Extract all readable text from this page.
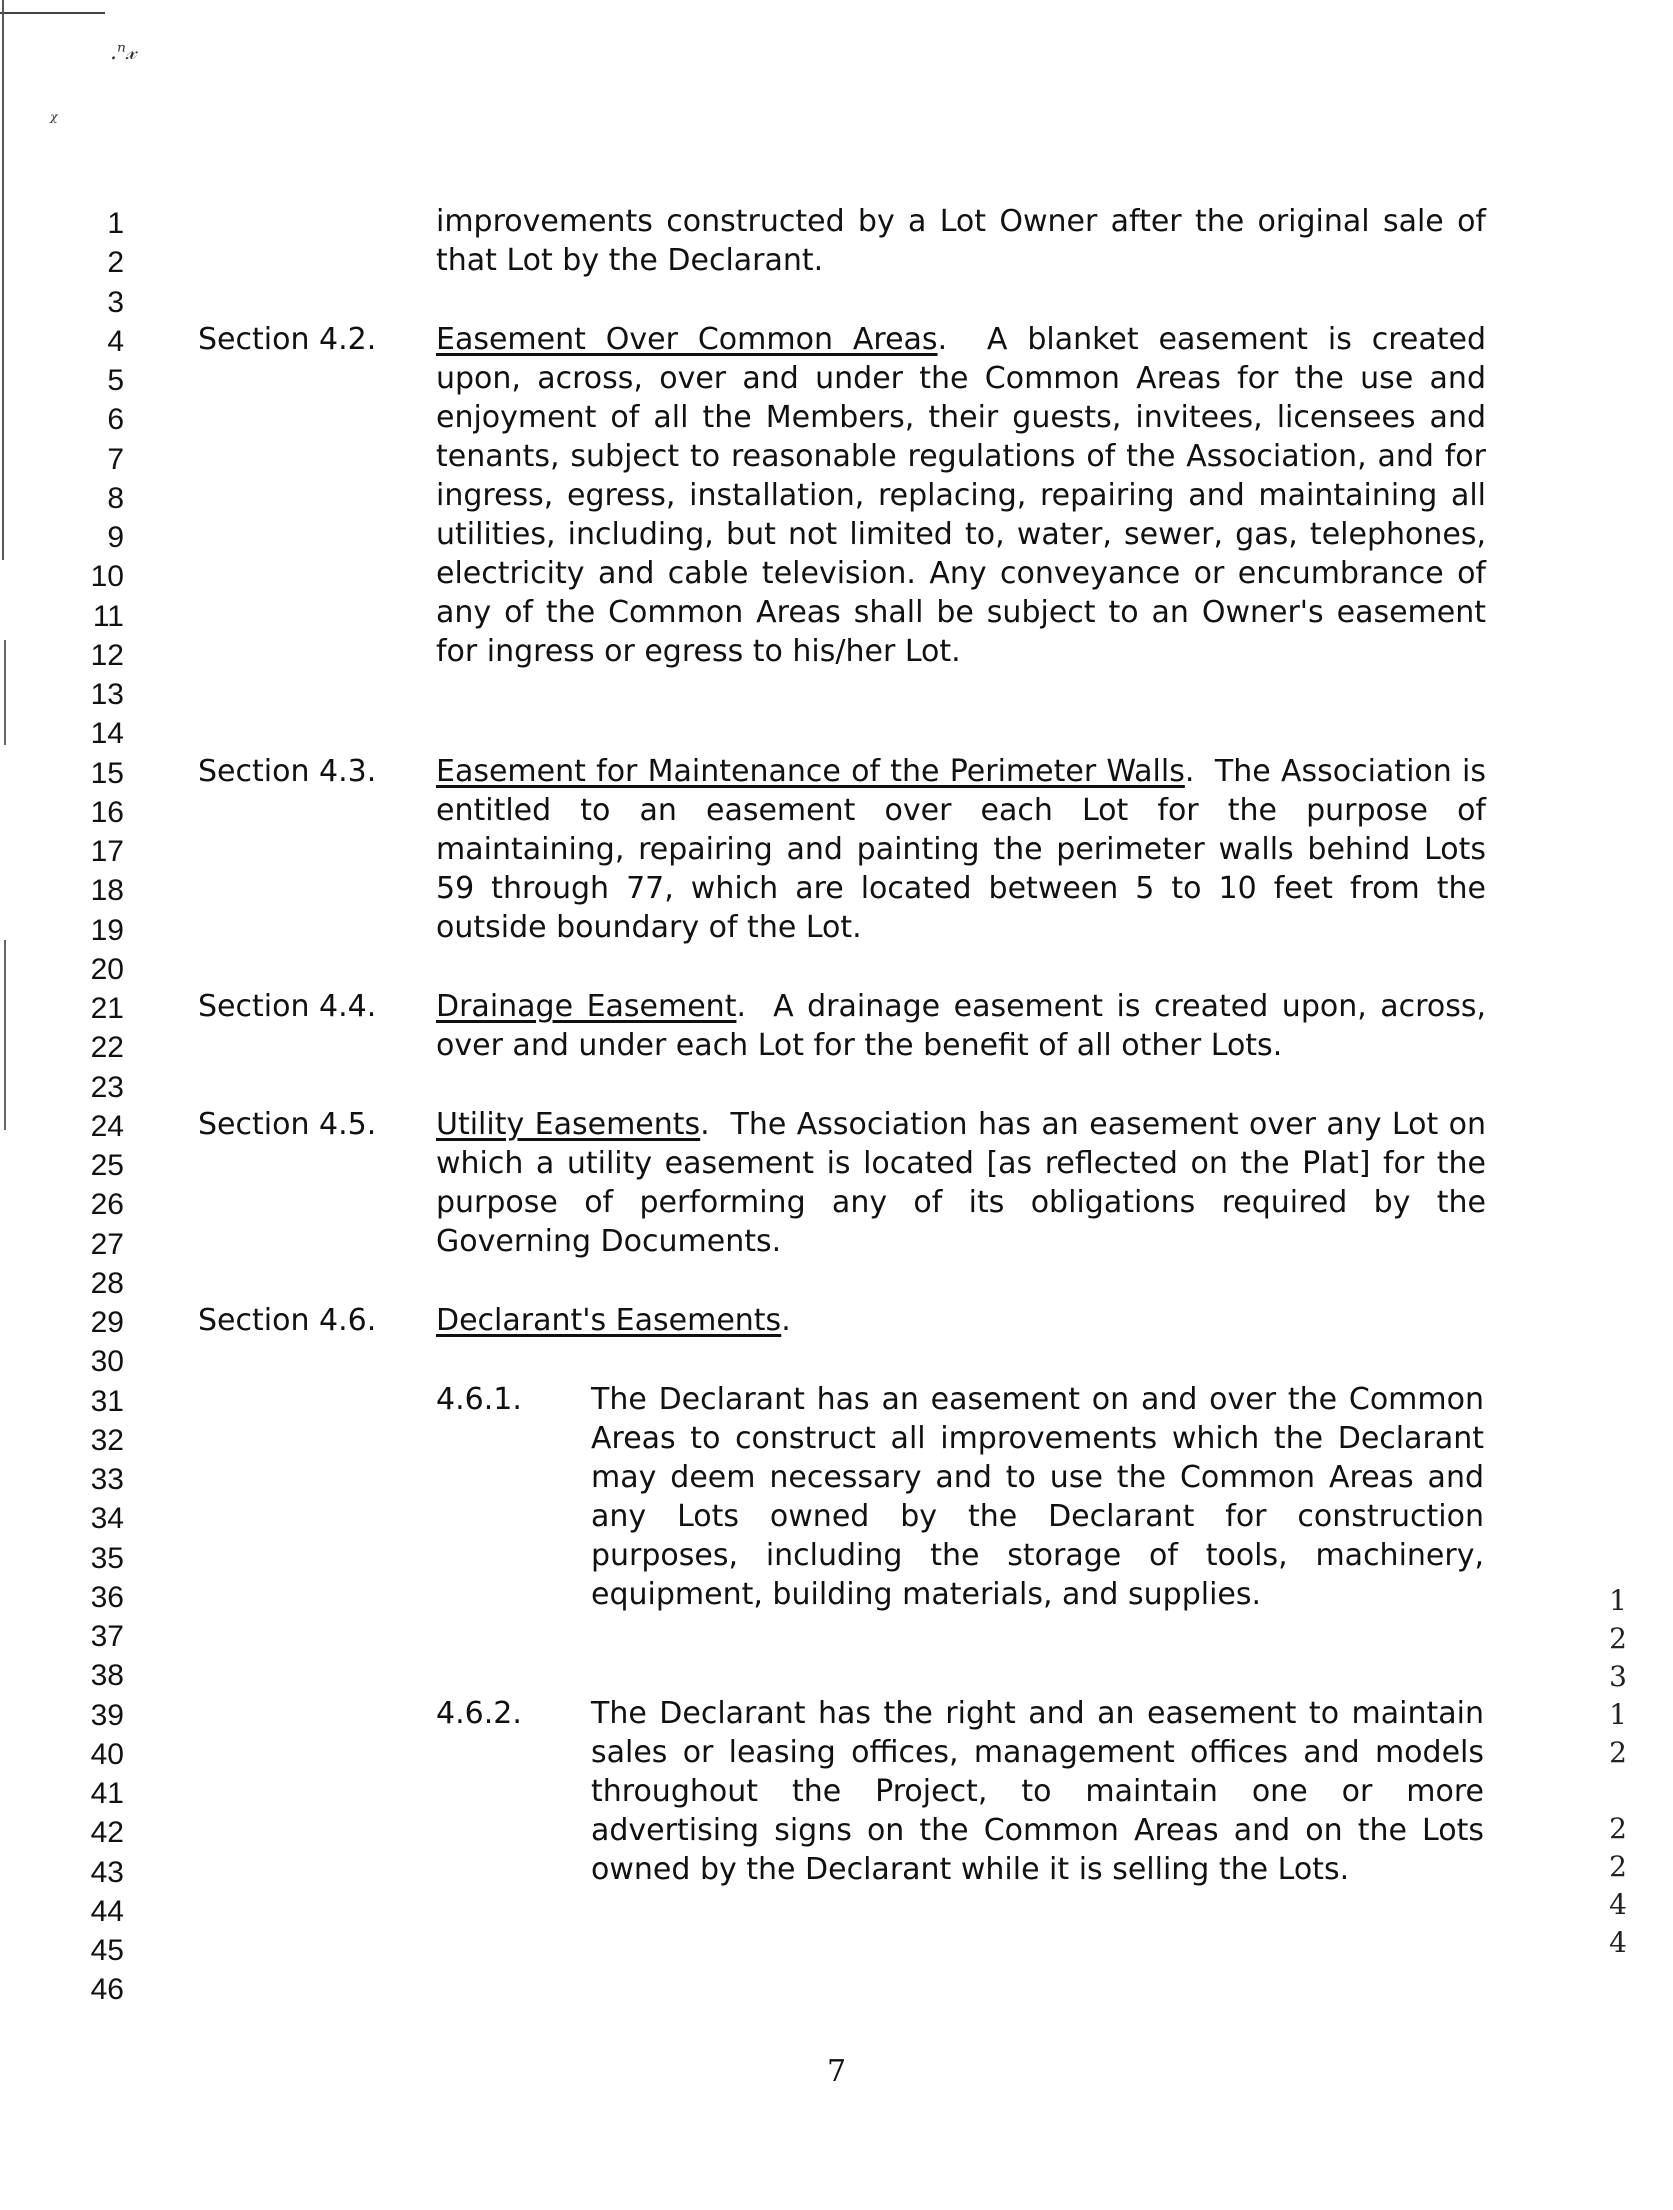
.ⁿ𝓍
ᵡ
1
2
3
4
5
6
7
8
9
10
11
12
13
14
15
16
17
18
19
20
21
22
23
24
25
26
27
28
29
30
31
32
33
34
35
36
37
38
39
40
41
42
43
44
45
46
improvements constructed by a Lot Owner after the original sale of that Lot by the Declarant.
Section 4.2. Easement Over Common Areas.  A blanket easement is created upon, across, over and under the Common Areas for the use and enjoyment of all the Members, their guests, invitees, licensees and tenants, subject to reasonable regulations of the Association, and for ingress, egress, installation, replacing, repairing and maintaining all utilities, including, but not limited to, water, sewer, gas, telephones, electricity and cable television. Any conveyance or encumbrance of any of the Common Areas shall be subject to an Owner's easement for ingress or egress to his/her Lot.
Section 4.3. Easement for Maintenance of the Perimeter Walls.  The Association is entitled to an easement over each Lot for the purpose of maintaining, repairing and painting the perimeter walls behind Lots 59 through 77, which are located between 5 to 10 feet from the outside boundary of the Lot.
Section 4.4. Drainage Easement.  A drainage easement is created upon, across, over and under each Lot for the benefit of all other Lots.
Section 4.5. Utility Easements.  The Association has an easement over any Lot on which a utility easement is located [as reflected on the Plat] for the purpose of performing any of its obligations required by the Governing Documents.
Section 4.6. Declarant's Easements.
4.6.1. The Declarant has an easement on and over the Common Areas to construct all improvements which the Declarant may deem necessary and to use the Common Areas and any Lots owned by the Declarant for construction purposes, including the storage of tools, machinery, equipment, building materials, and supplies.
4.6.2. The Declarant has the right and an easement to maintain sales or leasing offices, management offices and models throughout the Project, to maintain one or more advertising signs on the Common Areas and on the Lots owned by the Declarant while it is selling the Lots.
7
1
2
3
1
2
2
2
4
4
